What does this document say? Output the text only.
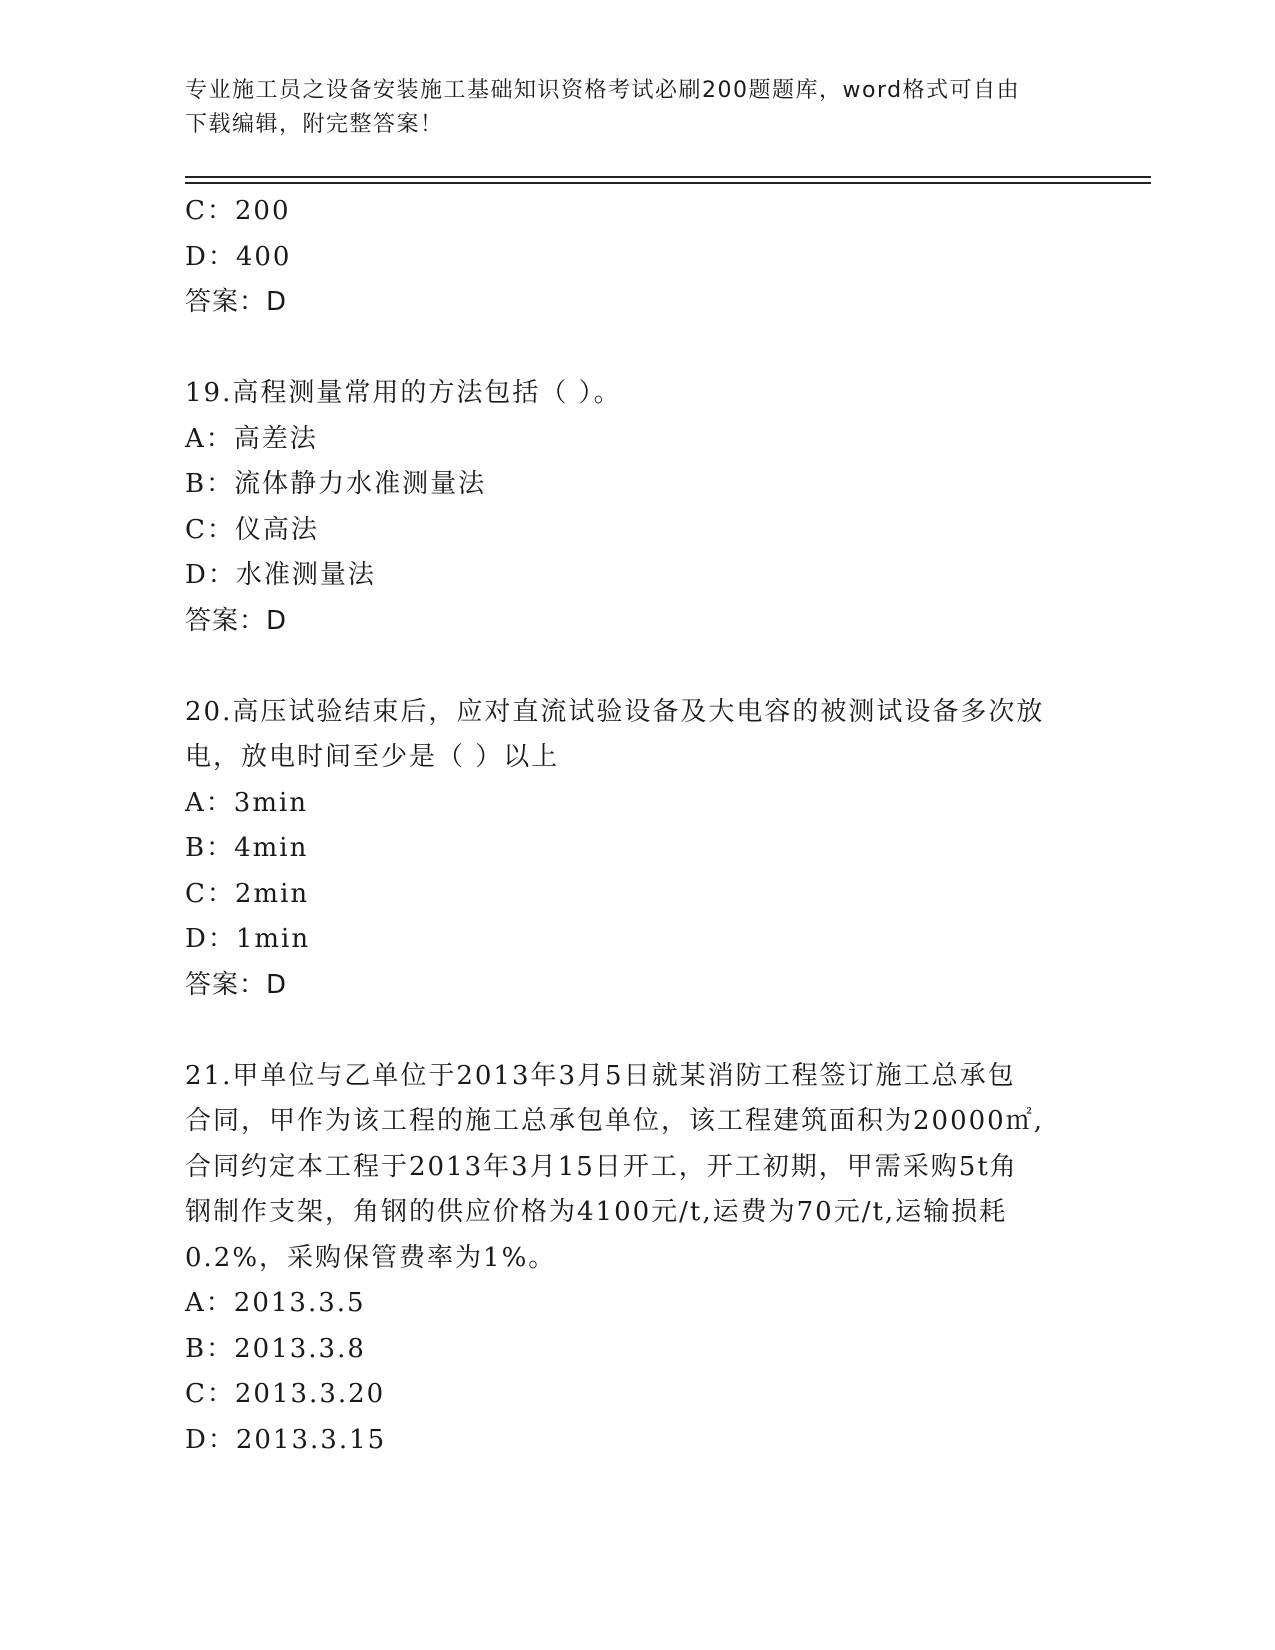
专业施工员之设备安装施工基础知识资格考试必刷200题题库，word格式可自由
下载编辑，附完整答案！
C：200
D：400
答案：D
19.高程测量常用的方法包括（ ）。
A：高差法
B：流体静力水准测量法
C：仪高法
D：水准测量法
答案：D
20.高压试验结束后，应对直流试验设备及大电容的被测试设备多次放
电，放电时间至少是（ ）以上
A：3min
B：4min
C：2min
D：1min
答案：D
21.甲单位与乙单位于2013年3月5日就某消防工程签订施工总承包
合同，甲作为该工程的施工总承包单位，该工程建筑面积为20000㎡,
合同约定本工程于2013年3月15日开工，开工初期，甲需采购5t角
钢制作支架，角钢的供应价格为4100元/t,运费为70元/t,运输损耗
0.2%，采购保管费率为1%。
A：2013.3.5
B：2013.3.8
C：2013.3.20
D：2013.3.15
